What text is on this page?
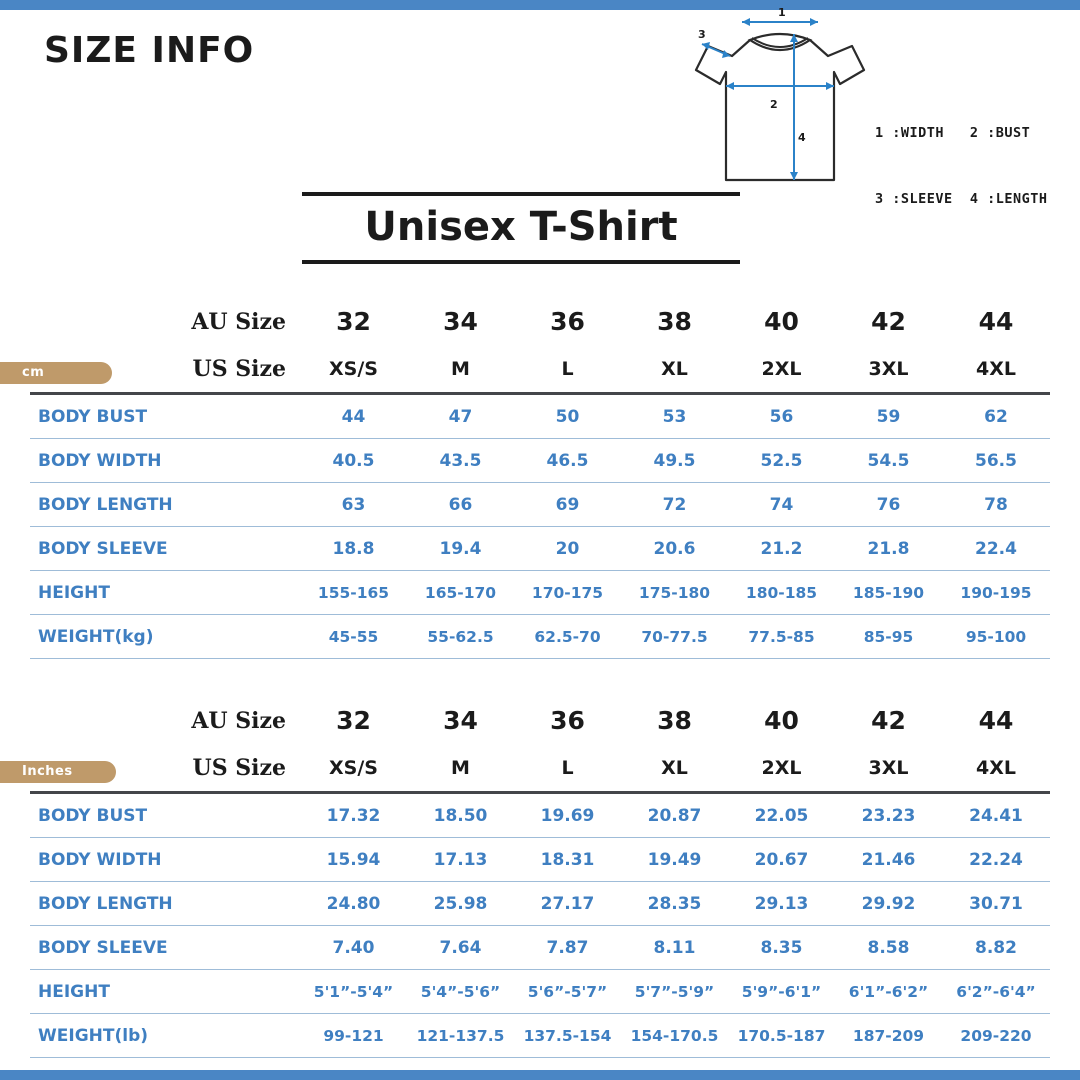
SIZE INFO
1
2
3
4

	1 :WIDTH   2 :BUST

3 :SLEEVE  4 :LENGTH

Unisex T-Shirt
cm
AU Size	32	34	36	38	40	42	44
US Size	XS/S	M	L	XL	2XL	3XL	4XL
BODY BUST	44	47	50	53	56	59	62
BODY WIDTH	40.5	43.5	46.5	49.5	52.5	54.5	56.5
BODY LENGTH	63	66	69	72	74	76	78
BODY SLEEVE	18.8	19.4	20	20.6	21.2	21.8	22.4
HEIGHT	155-165	165-170	170-175	175-180	180-185	185-190	190-195
WEIGHT(kg)	45-55	55-62.5	62.5-70	70-77.5	77.5-85	85-95	95-100
Inches
AU Size	32	34	36	38	40	42	44
US Size	XS/S	M	L	XL	2XL	3XL	4XL
BODY BUST	17.32	18.50	19.69	20.87	22.05	23.23	24.41
BODY WIDTH	15.94	17.13	18.31	19.49	20.67	21.46	22.24
BODY LENGTH	24.80	25.98	27.17	28.35	29.13	29.92	30.71
BODY SLEEVE	7.40	7.64	7.87	8.11	8.35	8.58	8.82
HEIGHT	5'1”-5'4”	5'4”-5'6”	5'6”-5'7”	5'7”-5'9”	5'9”-6'1”	6'1”-6'2”	6'2”-6'4”
WEIGHT(lb)	99-121	121-137.5	137.5-154	154-170.5	170.5-187	187-209	209-220
